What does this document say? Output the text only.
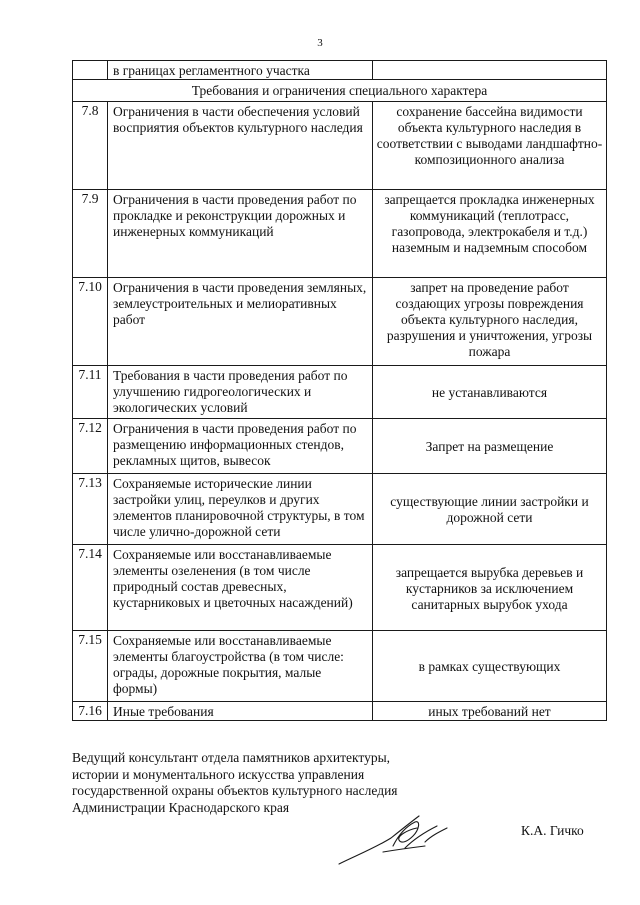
3
	в границах регламентного участка	
Требования и ограничения специального характера		
7.8	Ограничения в части обеспечения условий восприятия объектов культурного наследия	сохранение бассейна видимости объекта культурного наследия в соответствии с выводами ландшафтно-композиционного анализа
7.9	Ограничения в части проведения работ по прокладке и реконструкции дорожных и инженерных коммуникаций	запрещается прокладка инженерных коммуникаций (теплотрасс, газопровода, электрокабеля и т.д.) наземным и надземным способом
7.10	Ограничения в части проведения земляных, землеустроительных и мелиоративных работ	запрет на проведение работ создающих угрозы повреждения объекта культурного наследия, разрушения и уничтожения, угрозы пожара
7.11	Требования в части проведения работ по улучшению гидрогеологических и экологических условий	не устанавливаются
7.12	Ограничения в части проведения работ по размещению информационных стендов, рекламных щитов, вывесок	Запрет на размещение
7.13	Сохраняемые исторические линии застройки улиц, переулков и других элементов планировочной структуры, в том числе улично-дорожной сети	существующие линии застройки и дорожной сети
7.14	Сохраняемые или восстанавливаемые элементы озеленения (в том числе природный состав древесных, кустарниковых и цветочных насаждений)	запрещается вырубка деревьев и кустарников за исключением санитарных вырубок ухода
7.15	Сохраняемые или восстанавливаемые элементы благоустройства (в том числе: ограды, дорожные покрытия, малые формы)	в рамках существующих
7.16	Иные требования	иных требований нет
Ведущий консультант отдела памятников архитектуры, истории и монументального искусства управления государственной охраны объектов культурного наследия Администрации Краснодарского края
К.А. Гичко
